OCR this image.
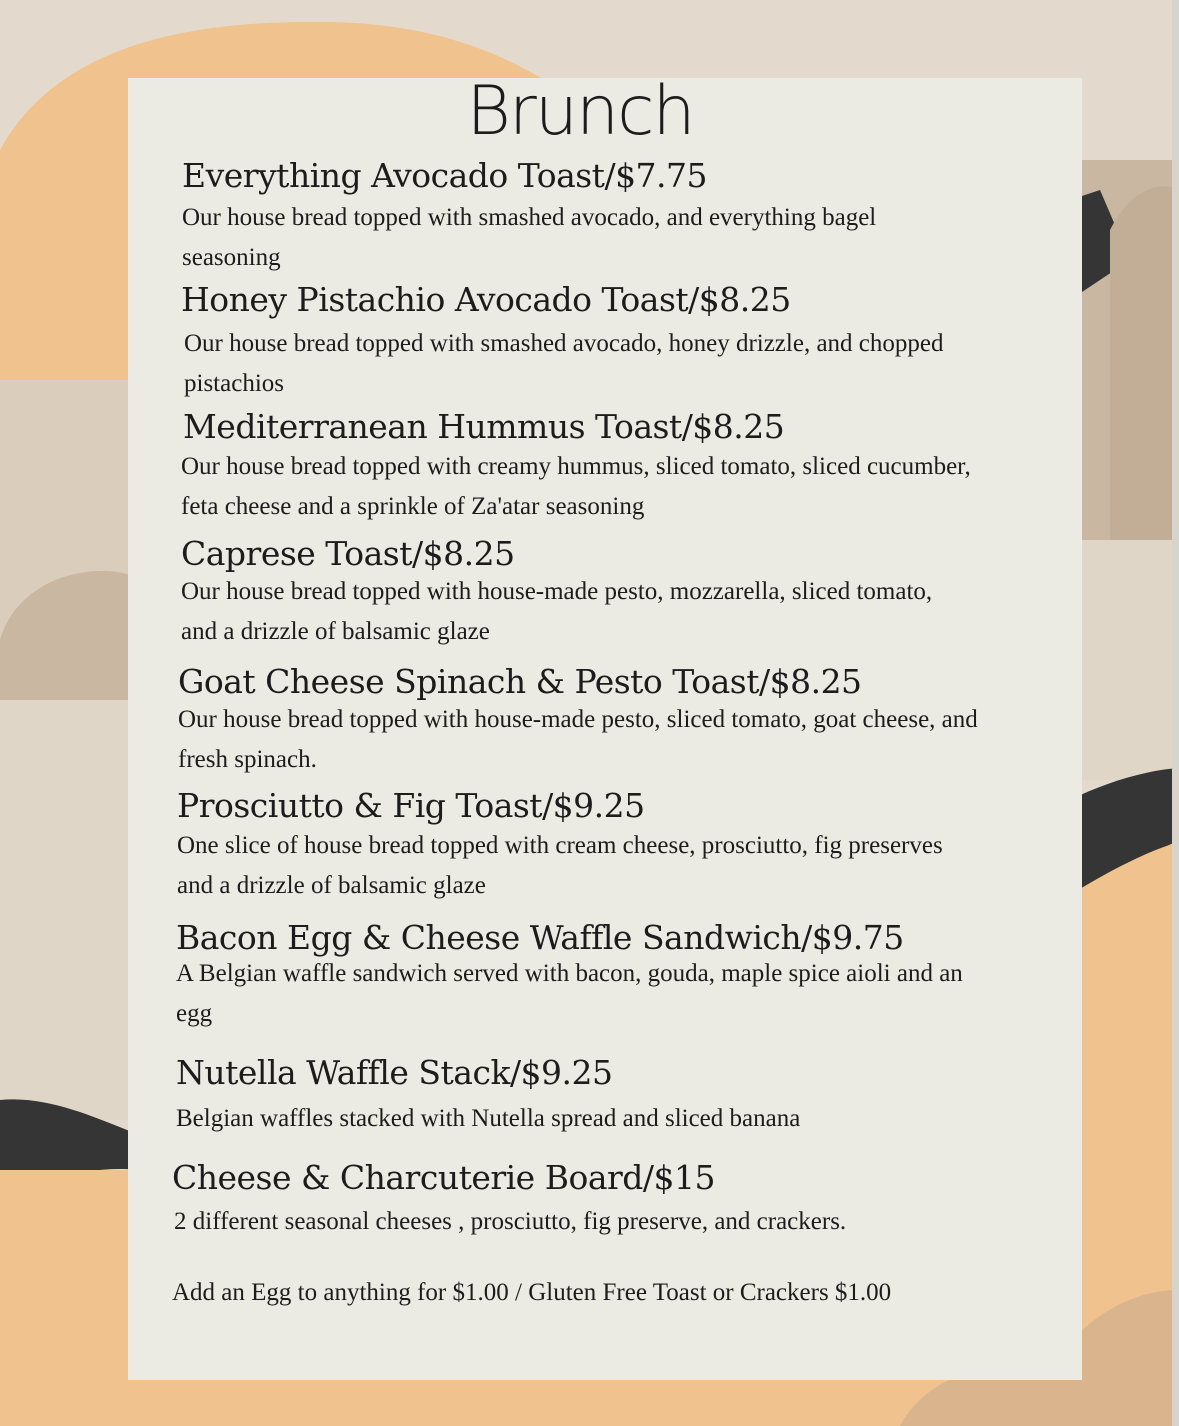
Brunch
Everything Avocado Toast/$7.75
Our house bread topped with smashed avocado, and everything bagel seasoning
Honey Pistachio Avocado Toast/$8.25
Our house bread topped with smashed avocado, honey drizzle, and chopped pistachios
Mediterranean Hummus Toast/$8.25
Our house bread topped with creamy hummus, sliced tomato, sliced cucumber, feta cheese and a sprinkle of Za'atar seasoning
Caprese Toast/$8.25
Our house bread topped with house-made pesto, mozzarella, sliced tomato, and a drizzle of balsamic glaze
Goat Cheese Spinach & Pesto Toast/$8.25
Our house bread topped with house-made pesto, sliced tomato, goat cheese, and fresh spinach.
Prosciutto & Fig Toast/$9.25
One slice of house bread topped with cream cheese, prosciutto, fig preserves and a drizzle of balsamic glaze
Bacon Egg & Cheese Waffle Sandwich/$9.75
A Belgian waffle sandwich served with bacon, gouda, maple spice aioli and an egg
Nutella Waffle Stack/$9.25
Belgian waffles stacked with Nutella spread and sliced banana
Cheese & Charcuterie Board/$15
2 different seasonal cheeses , prosciutto, fig preserve, and crackers.
Add an Egg to anything for $1.00 / Gluten Free Toast or Crackers $1.00
